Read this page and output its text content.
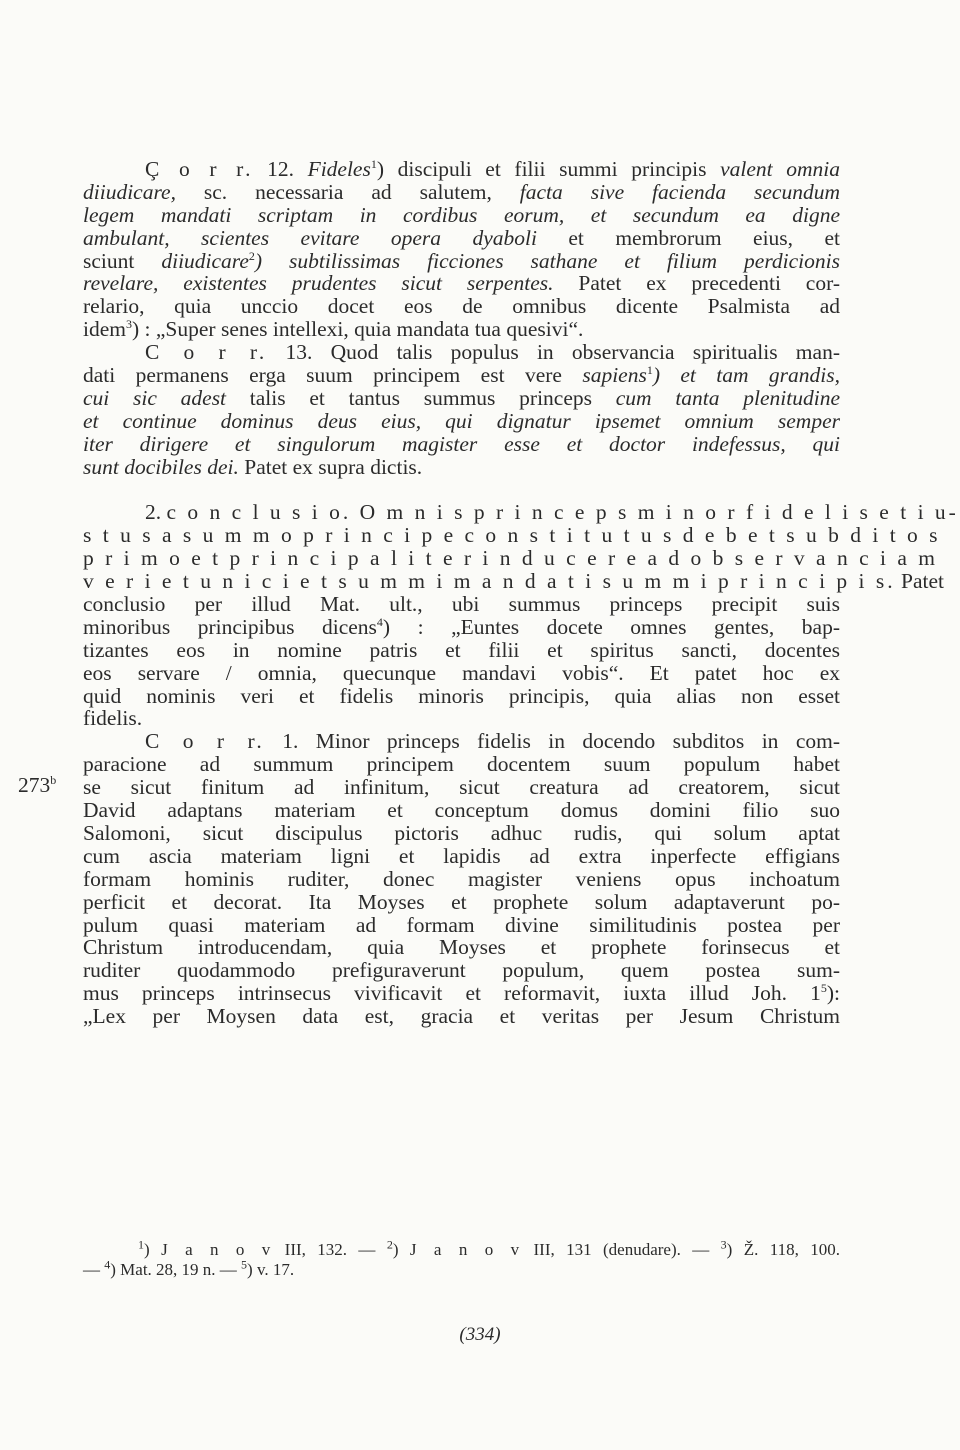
Ç o r r. 12. Fideles$^1$) discipuli et filii summi principis valent omnia
diiudicare, sc. necessaria ad salutem, facta sive facienda secundum
legem mandati scriptam in cordibus eorum, et secundum ea digne
ambulant, scientes evitare opera dyaboli et membrorum eius, et
sciunt diiudicare$^2$) subtilissimas ficciones sathane et filium perdicionis
revelare, existentes prudentes sicut serpentes. Patet ex precedenti cor-
relario, quia unccio docet eos de omnibus dicente Psalmista ad
idem$^3$) : „Super senes intellexi, quia mandata tua quesivi“.
C o r r. 13. Quod talis populus in observancia spiritualis man-
dati permanens erga suum principem est vere sapiens$^1$) et tam grandis,
cui sic adest talis et tantus summus princeps cum tanta plenitudine
et continue dominus deus eius, qui dignatur ipsemet omnium semper
iter dirigere et singulorum magister esse et doctor indefessus, qui
sunt docibiles dei. Patet ex supra dictis.
2. c o n c l u s i o. O m n i s p r i n c e p s m i n o r f i d e l i s e t i u-
s t u s a s u m m o p r i n c i p e c o n s t i t u t u s d e b e t s u b d i t o s
p r i m o e t p r i n c i p a l i t e r i n d u c e r e a d o b s e r v a n c i a m
v e r i e t u n i c i e t s u m m i m a n d a t i s u m m i p r i n c i p i s. Patet
conclusio per illud Mat. ult., ubi summus princeps precipit suis
minoribus principibus dicens$^4$) : „Euntes docete omnes gentes, bap-
tizantes eos in nomine patris et filii et spiritus sancti, docentes
eos servare / omnia, quecunque mandavi vobis“. Et patet hoc ex
quid nominis veri et fidelis minoris principis, quia alias non esset
fidelis.
C o r r. 1. Minor princeps fidelis in docendo subditos in com-
paracione ad summum principem docentem suum populum habet
se sicut finitum ad infinitum, sicut creatura ad creatorem, sicut
David adaptans materiam et conceptum domus domini filio suo
Salomoni, sicut discipulus pictoris adhuc rudis, qui solum aptat
cum ascia materiam ligni et lapidis ad extra inperfecte effigians
formam hominis ruditer, donec magister veniens opus inchoatum
perficit et decorat. Ita Moyses et prophete solum adaptaverunt po-
pulum quasi materiam ad formam divine similitudinis postea per
Christum introducendam, quia Moyses et prophete forinsecus et
ruditer quodammodo prefiguraverunt populum, quem postea sum-
mus princeps intrinsecus vivificavit et reformavit, iuxta illud Joh. $1^5$):
„Lex per Moysen data est, gracia et veritas per Jesum Christum
273$^b$
$^1$) J a n o v III, 132. — $^2$) J a n o v III, 131 (denudare). — $^3$) Ž. 118, 100.
— $^4$) Mat. 28, 19 n. — $^5$) v. 17.
(334)
